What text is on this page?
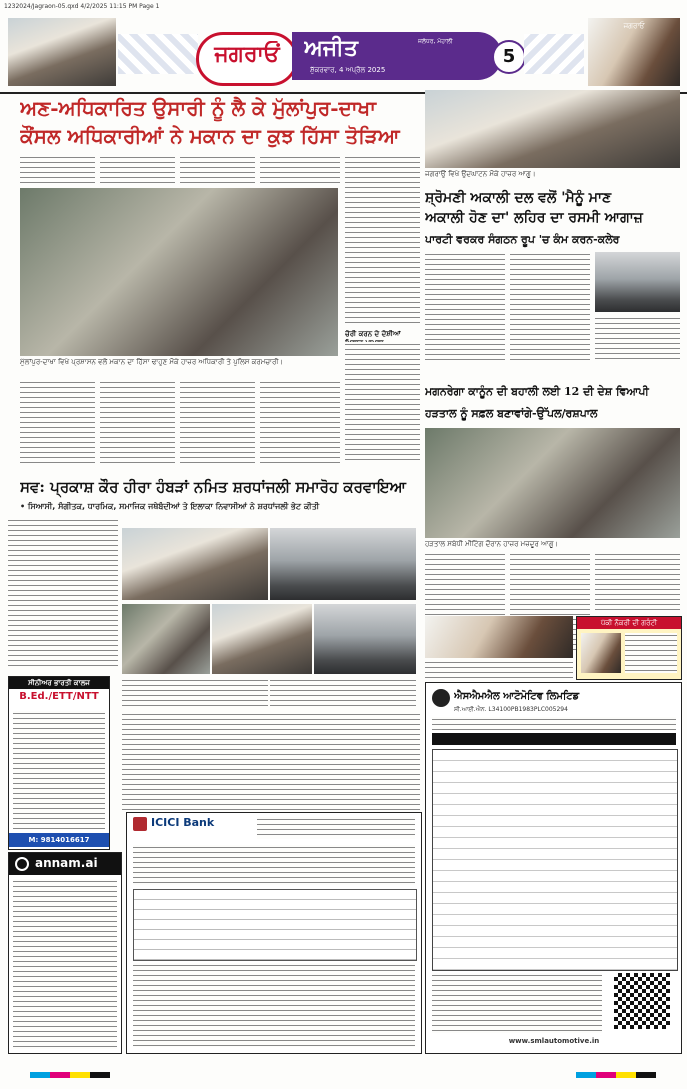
1232024/Jagraon-05.qxd 4/2/2025 11:15 PM Page 1
ਜਗਰਾਓਂ	ਅਜੀਤ	ਜਲੰਧਰ, ਮੋਹਾਲੀ
ਸ਼ੁੱਕਰਵਾਰ, 4 ਅਪ੍ਰੈਲ 2025
5
ਜਗਰਾਓਂ
ਅਣ-ਅਧਿਕਾਰਿਤ ਉਸਾਰੀ ਨੂੰ ਲੈ ਕੇ ਮੁੱਲਾਂਪੁਰ-ਦਾਖਾ
ਕੌਂਸਲ ਅਧਿਕਾਰੀਆਂ ਨੇ ਮਕਾਨ ਦਾ ਕੁਝ ਹਿੱਸਾ ਤੋੜਿਆ
ਮੁੱਲਾਂਪੁਰ-ਦਾਖਾ ਵਿਖੇ ਪ੍ਰਸ਼ਾਸਨ ਵਲੋਂ ਮਕਾਨ ਦਾ ਹਿੱਸਾ ਢਾਹੁਣ ਮੌਕੇ ਹਾਜ਼ਰ ਅਧਿਕਾਰੀ ਤੇ ਪੁਲਿਸ ਕਰਮਚਾਰੀ।
ਚੋਰੀ ਕਰਨ ਦੇ ਦੋਸ਼ੀਆਂ
ਜਗਰਾਉਂ ਵਿਖੇ ਉਦਘਾਟਨ ਮੌਕੇ ਹਾਜ਼ਰ ਆਗੂ।
ਸ਼੍ਰੋਮਣੀ ਅਕਾਲੀ ਦਲ ਵਲੋਂ 'ਮੈਨੂੰ ਮਾਣ
ਅਕਾਲੀ ਹੋਣ ਦਾ' ਲਹਿਰ ਦਾ ਰਸਮੀ ਆਗਾਜ਼
ਪਾਰਟੀ ਵਰਕਰ ਸੰਗਠਨ ਰੂਪ 'ਚ ਕੰਮ ਕਰਨ-ਕਲੇਰ
ਮਗਨਰੇਗਾ ਕਾਨੂੰਨ ਦੀ ਬਹਾਲੀ ਲਈ 12 ਦੀ ਦੇਸ਼ ਵਿਆਪੀ
ਹੜਤਾਲ ਨੂੰ ਸਫ਼ਲ ਬਣਾਵਾਂਗੇ-ਉੱਪਲ/ਰਸ਼ਪਾਲ
ਹੜਤਾਲ ਸਬੰਧੀ ਮੀਟਿੰਗ ਦੌਰਾਨ ਹਾਜ਼ਰ ਮਜ਼ਦੂਰ ਆਗੂ।
ਪੱਕੀ ਨੌਕਰੀ ਦੀ ਗਰੰਟੀ
ਸਵ: ਪ੍ਰਕਾਸ਼ ਕੌਰ ਹੀਰਾ ਹੰਬੜਾਂ ਨਮਿਤ ਸ਼ਰਧਾਂਜਲੀ ਸਮਾਰੋਹ ਕਰਵਾਇਆ
• ਸਿਆਸੀ, ਸੰਗੀਤਕ, ਧਾਰਮਿਕ, ਸਮਾਜਿਕ ਜਥੇਬੰਦੀਆਂ ਤੇ ਇਲਾਕਾ ਨਿਵਾਸੀਆਂ ਨੇ ਸ਼ਰਧਾਂਜਲੀ ਭੇਟ ਕੀਤੀ
ਸੀਨੀਅਰ ਭਾਰਤੀ ਕਾਲਜ
B.Ed./ETT/NTT
M: 9814016617
annam.ai
ICICI Bank
ਐਸਐਮਐਲ ਆਟੋਮੋਟਿਵ ਲਿਮਟਿਡ
ਸੀ.ਆਈ.ਐਨ. L34100PB1983PLC005294
www.smlautomotive.in
